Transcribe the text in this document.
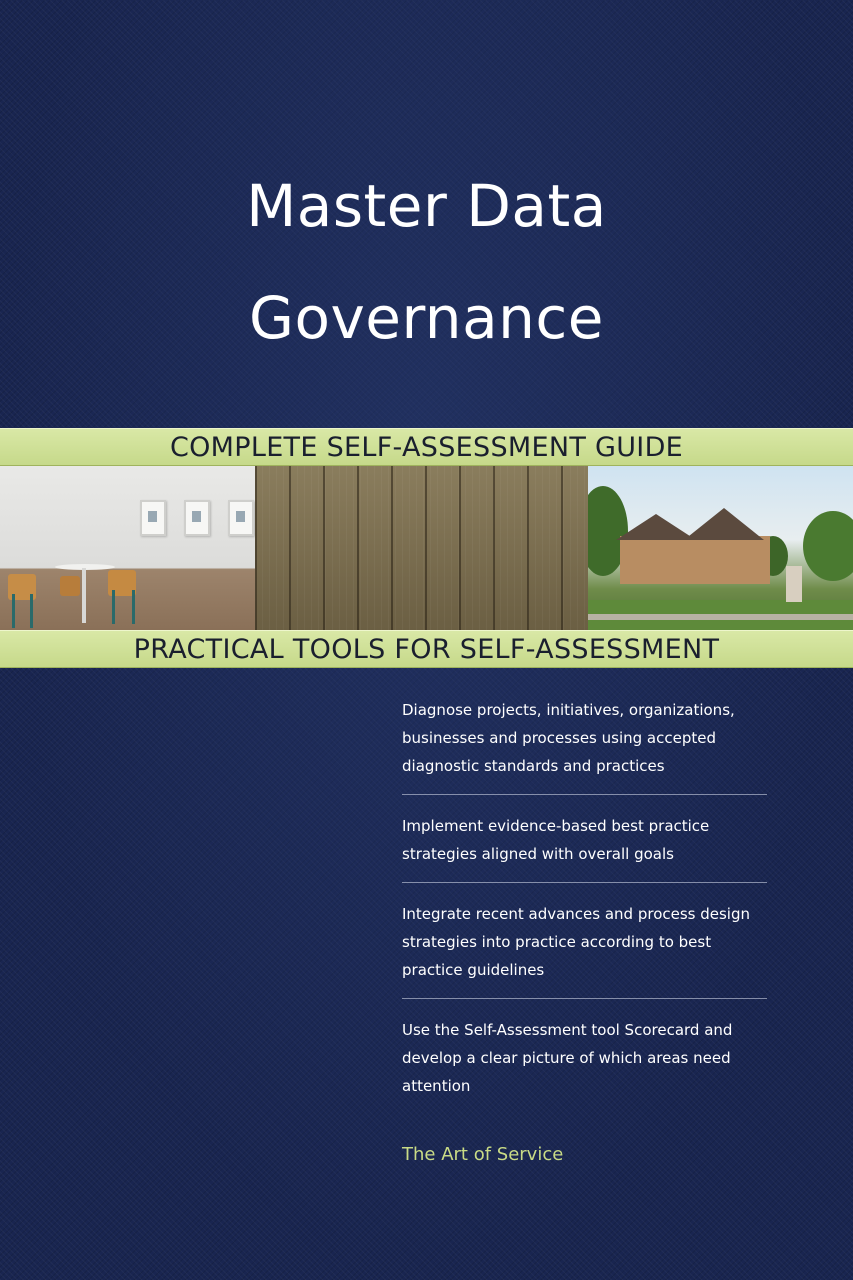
Master Data
Governance
COMPLETE SELF-ASSESSMENT GUIDE
PRACTICAL TOOLS FOR SELF-ASSESSMENT
Diagnose projects, initiatives, organizations, businesses and processes using accepted diagnostic standards and practices
Implement evidence-based best practice strategies aligned with overall goals
Integrate recent advances and process design strategies into practice according to best practice guidelines
Use the Self-Assessment tool Scorecard and develop a clear picture of which areas need attention
The Art of Service
